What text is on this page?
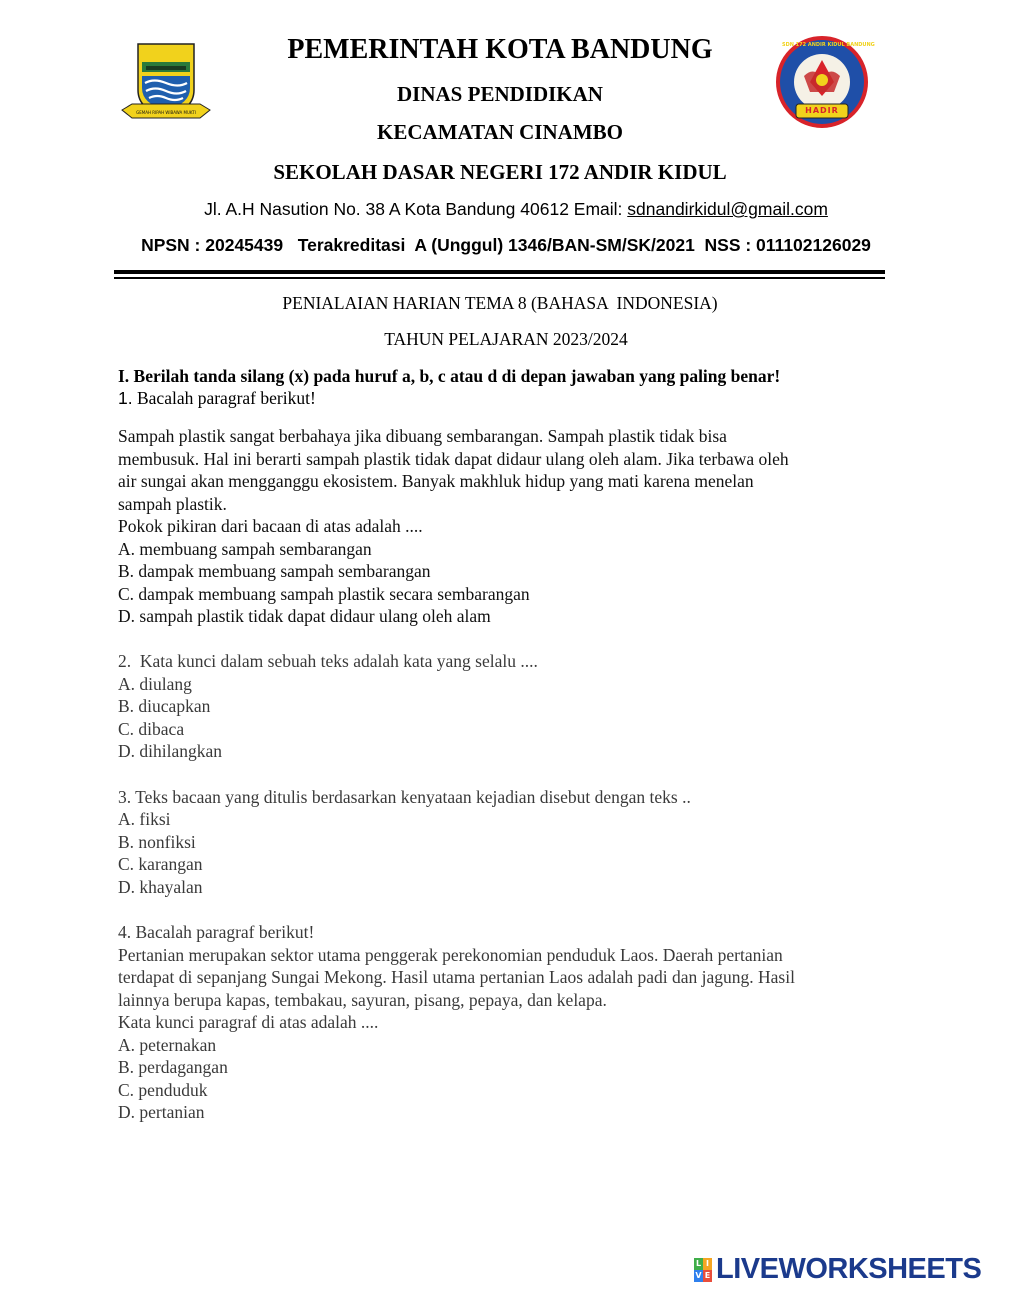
GEMAH RIPAH WIBAWA MUKTI
SDN 172 ANDIR KIDUL BANDUNG
HADIR
PEMERINTAH KOTA BANDUNG
DINAS PENDIDIKAN
KECAMATAN CINAMBO
SEKOLAH DASAR NEGERI 172 ANDIR KIDUL
Jl. A.H Nasution No. 38 A Kota Bandung 40612 Email: sdnandirkidul@gmail.com
NPSN : 20245439   Terakreditasi  A (Unggul) 1346/BAN-SM/SK/2021  NSS : 011102126029
PENIALAIAN HARIAN TEMA 8 (BAHASA  INDONESIA)
TAHUN PELAJARAN 2023/2024
I. Berilah tanda silang (x) pada huruf a, b, c atau d di depan jawaban yang paling benar!
1. Bacalah paragraf berikut!
Sampah plastik sangat berbahaya jika dibuang sembarangan. Sampah plastik tidak bisa
membusuk. Hal ini berarti sampah plastik tidak dapat didaur ulang oleh alam. Jika terbawa oleh
air sungai akan mengganggu ekosistem. Banyak makhluk hidup yang mati karena menelan
sampah plastik.
Pokok pikiran dari bacaan di atas adalah ....
A. membuang sampah sembarangan
B. dampak membuang sampah sembarangan
C. dampak membuang sampah plastik secara sembarangan
D. sampah plastik tidak dapat didaur ulang oleh alam
2.  Kata kunci dalam sebuah teks adalah kata yang selalu ....
A. diulang
B. diucapkan
C. dibaca
D. dihilangkan
3. Teks bacaan yang ditulis berdasarkan kenyataan kejadian disebut dengan teks ..
A. fiksi
B. nonfiksi
C. karangan
D. khayalan
4. Bacalah paragraf berikut!
Pertanian merupakan sektor utama penggerak perekonomian penduduk Laos. Daerah pertanian
terdapat di sepanjang Sungai Mekong. Hasil utama pertanian Laos adalah padi dan jagung. Hasil
lainnya berupa kapas, tembakau, sayuran, pisang, pepaya, dan kelapa.
Kata kunci paragraf di atas adalah ....
A. peternakan
B. perdagangan
C. penduduk
D. pertanian
L I
V E LIVEWORKSHEETS
